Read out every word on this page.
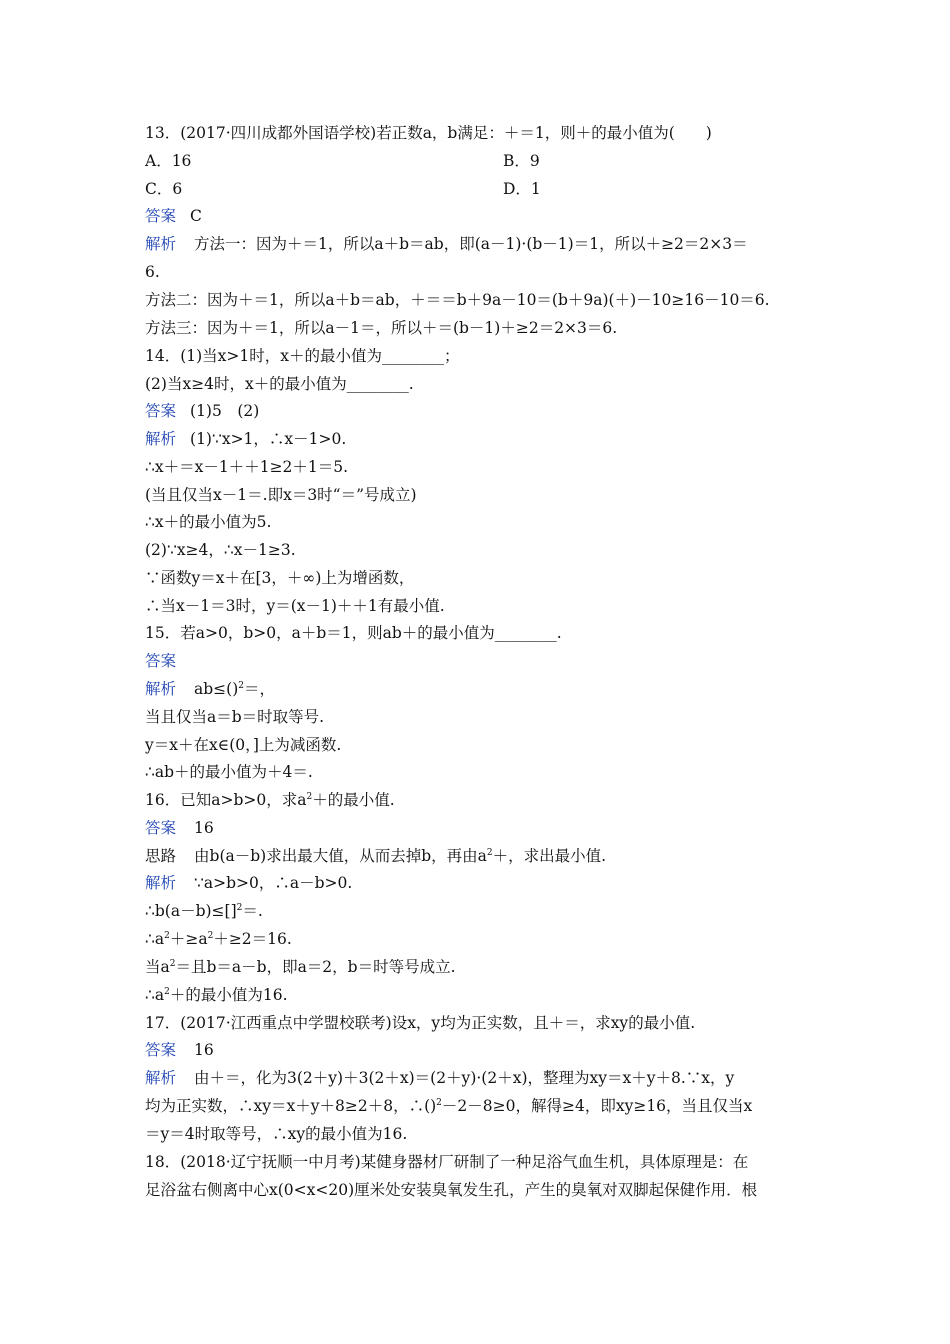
13．(2017·四川成都外国语学校)若正数a，b满足：＋＝1，则＋的最小值为(　　)
A．16	B．9
C．6	D．1
答案 C
解析 方法一：因为＋＝1，所以a＋b＝ab，即(a－1)·(b－1)＝1，所以＋≥2＝2×3＝
6.
方法二：因为＋＝1，所以a＋b＝ab，＋＝＝b＋9a－10＝(b＋9a)(＋)－10≥16－10＝6.
方法三：因为＋＝1，所以a－1＝，所以＋＝(b－1)＋≥2＝2×3＝6.
14．(1)当x>1时，x＋的最小值为________；
(2)当x≥4时，x＋的最小值为________.
答案 (1)5　(2)
解析 (1)∵x>1，∴x－1>0.
∴x＋＝x－1＋＋1≥2＋1＝5.
(当且仅当x－1＝.即x＝3时“＝”号成立)
∴x＋的最小值为5.
(2)∵x≥4，∴x－1≥3.
∵函数y＝x＋在[3，＋∞)上为增函数，
∴当x－1＝3时，y＝(x－1)＋＋1有最小值.
15．若a>0，b>0，a＋b＝1，则ab＋的最小值为________.
答案
解析 ab≤()$^2$＝，
当且仅当a＝b＝时取等号.
y＝x＋在x∈(0，]上为减函数.
∴ab＋的最小值为＋4＝.
16．已知a>b>0，求$a^2+$的最小值.
答案 16
思路 由b(a－b)求出最大值，从而去掉b，再由$a^2+$，求出最小值.
解析 ∵a>b>0，∴a－b>0.
∴b(a－b)≤[]$^2$＝.
$\therefore a^2+\ge a^2+\ge 2=16$.
当$a^2=$且b＝a－b，即a＝2，b＝时等号成立.
$\therefore a^2+$的最小值为16.
17．(2017·江西重点中学盟校联考)设x，y均为正实数，且＋＝，求xy的最小值.
答案 16
解析 由＋＝，化为3(2＋y)＋3(2＋x)＝(2＋y)·(2＋x)，整理为xy＝x＋y＋8.∵x，y
均为正实数，∴xy＝x＋y＋8≥2＋8，∴()$^2$－2－8≥0，解得≥4，即xy≥16，当且仅当x
＝y＝4时取等号，∴xy的最小值为16.
18．(2018·辽宁抚顺一中月考)某健身器材厂研制了一种足浴气血生机，具体原理是：在
足浴盆右侧离中心x(0<x<20)厘米处安装臭氧发生孔，产生的臭氧对双脚起保健作用．根
